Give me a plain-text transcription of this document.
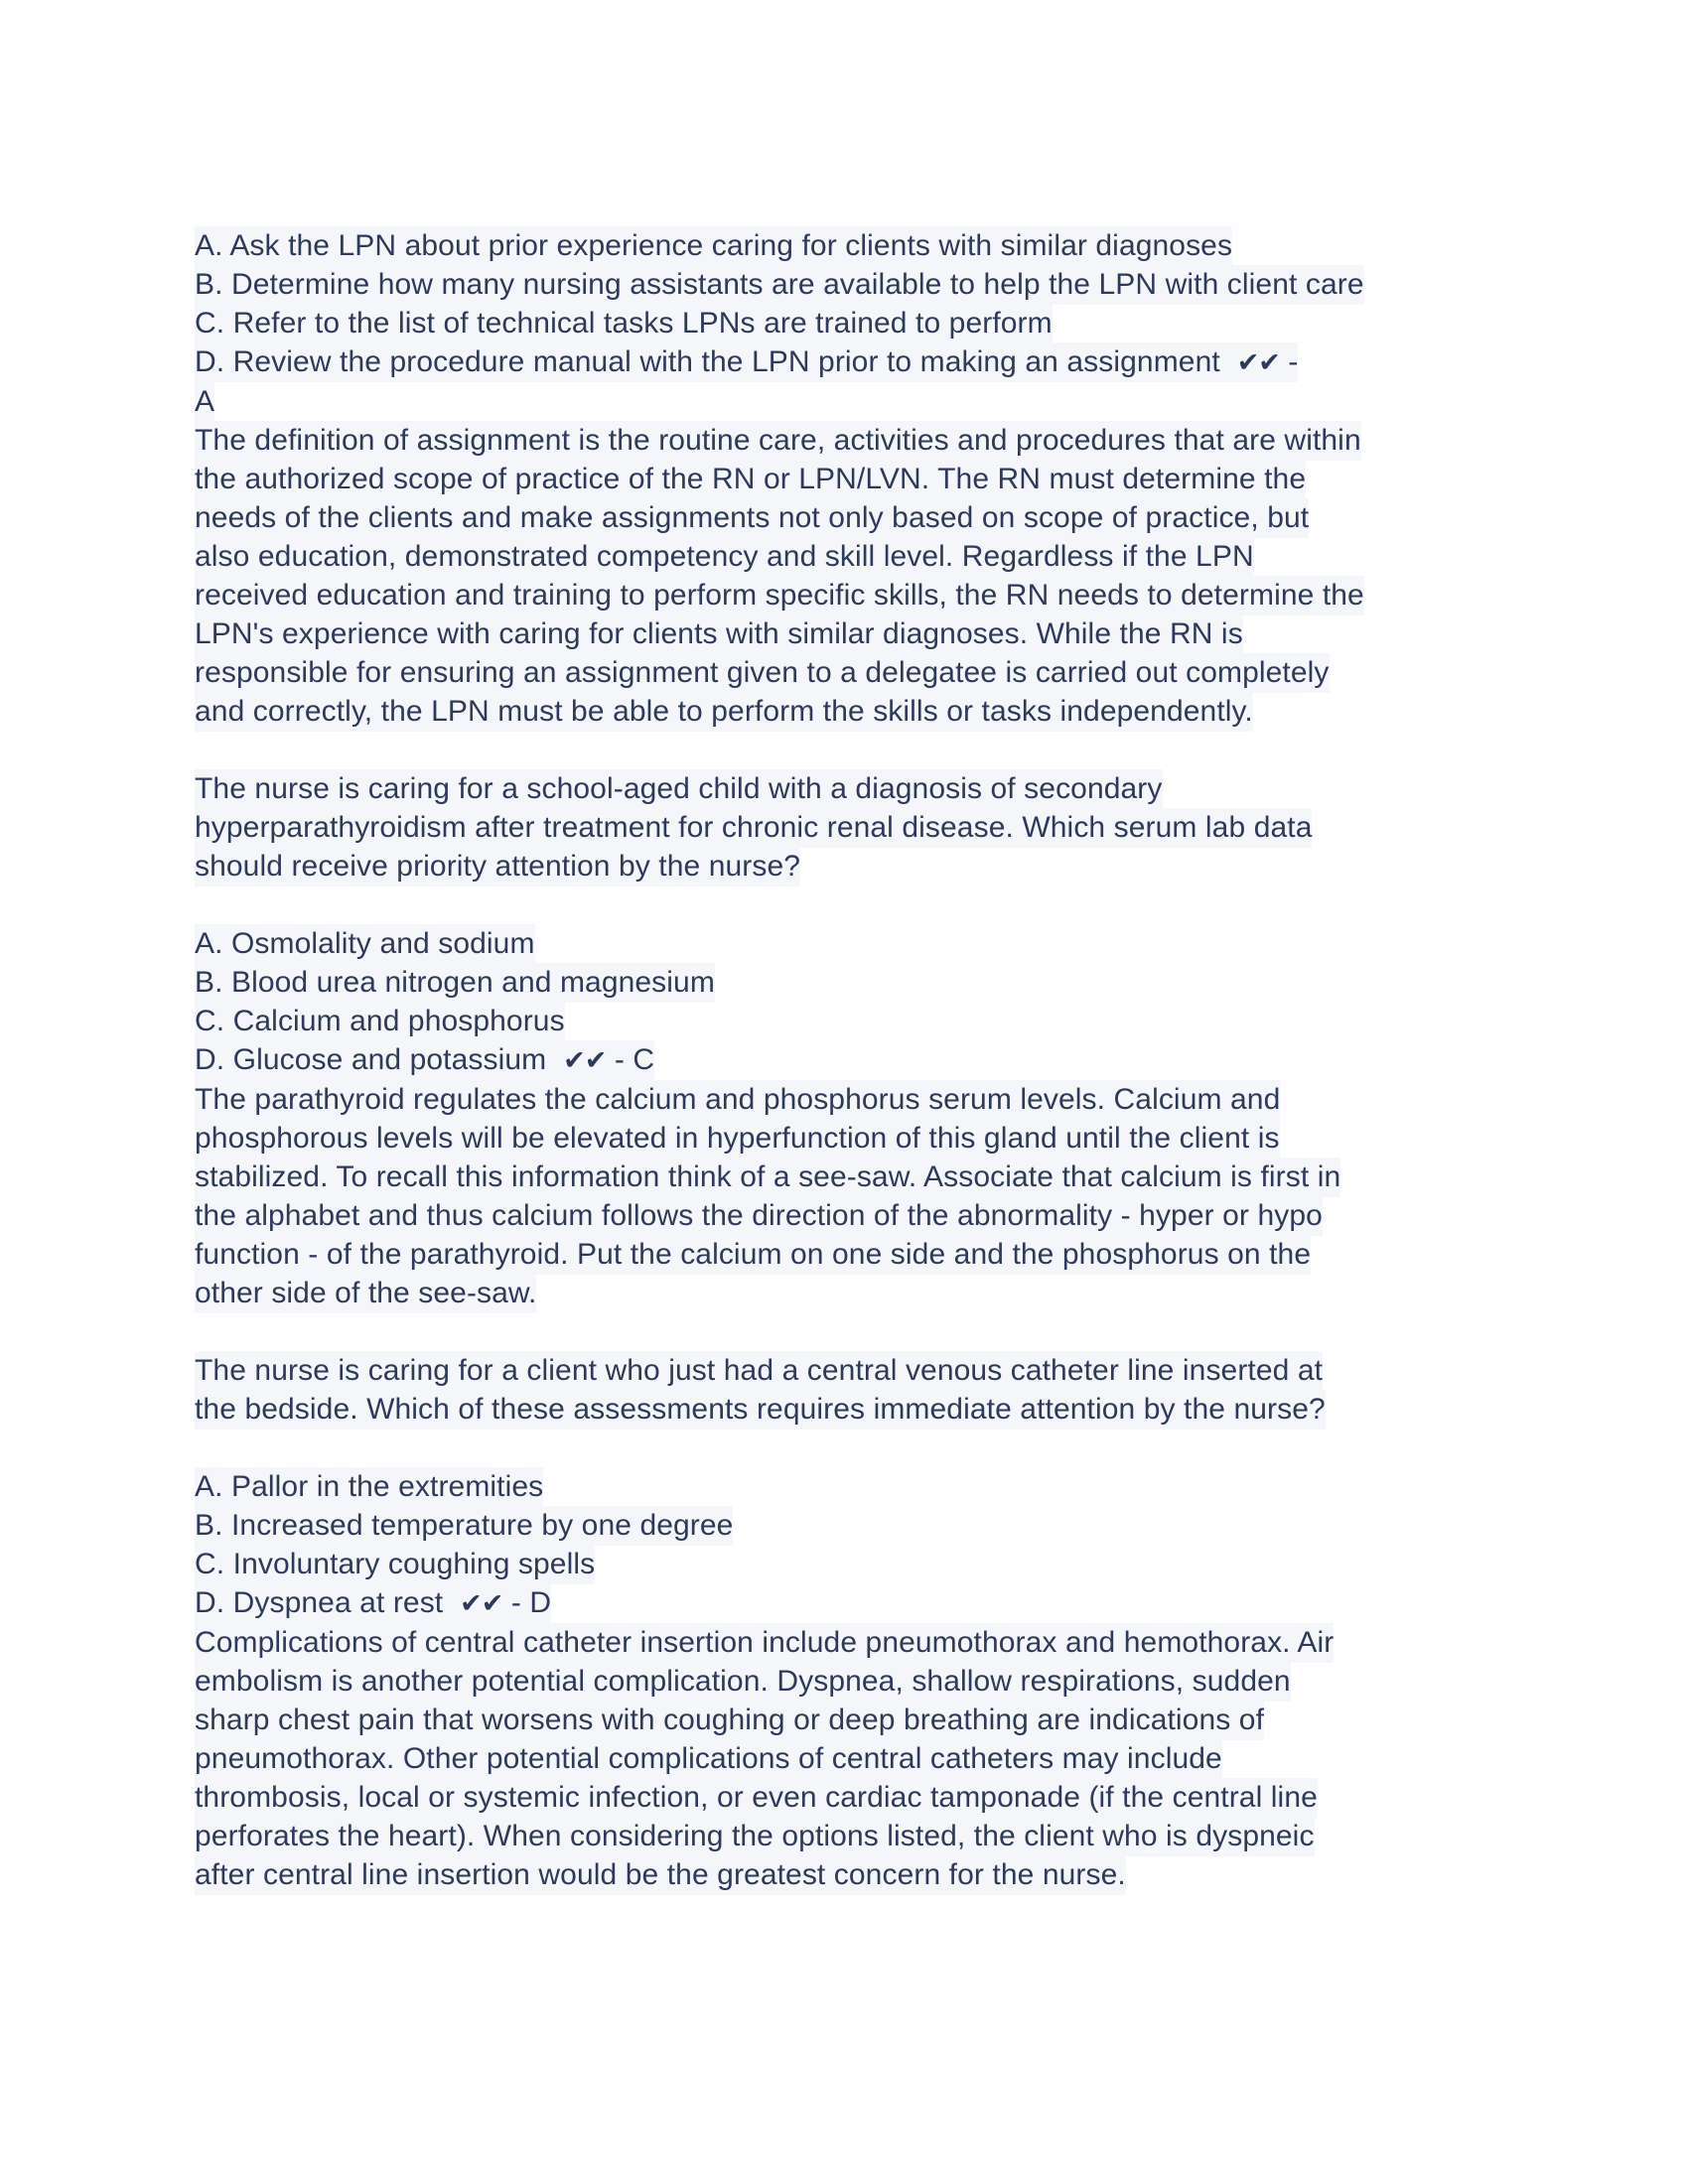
A. Ask the LPN about prior experience caring for clients with similar diagnoses
B. Determine how many nursing assistants are available to help the LPN with client care
C. Refer to the list of technical tasks LPNs are trained to perform
D. Review the procedure manual with the LPN prior to making an assignment ✔✔ -
A
The definition of assignment is the routine care, activities and procedures that are within
the authorized scope of practice of the RN or LPN/LVN. The RN must determine the
needs of the clients and make assignments not only based on scope of practice, but
also education, demonstrated competency and skill level. Regardless if the LPN
received education and training to perform specific skills, the RN needs to determine the
LPN's experience with caring for clients with similar diagnoses. While the RN is
responsible for ensuring an assignment given to a delegatee is carried out completely
and correctly, the LPN must be able to perform the skills or tasks independently.
The nurse is caring for a school-aged child with a diagnosis of secondary
hyperparathyroidism after treatment for chronic renal disease. Which serum lab data
should receive priority attention by the nurse?
A. Osmolality and sodium
B. Blood urea nitrogen and magnesium
C. Calcium and phosphorus
D. Glucose and potassium ✔✔ - C
The parathyroid regulates the calcium and phosphorus serum levels. Calcium and
phosphorous levels will be elevated in hyperfunction of this gland until the client is
stabilized. To recall this information think of a see-saw. Associate that calcium is first in
the alphabet and thus calcium follows the direction of the abnormality - hyper or hypo
function - of the parathyroid. Put the calcium on one side and the phosphorus on the
other side of the see-saw.
The nurse is caring for a client who just had a central venous catheter line inserted at
the bedside. Which of these assessments requires immediate attention by the nurse?
A. Pallor in the extremities
B. Increased temperature by one degree
C. Involuntary coughing spells
D. Dyspnea at rest ✔✔ - D
Complications of central catheter insertion include pneumothorax and hemothorax. Air
embolism is another potential complication. Dyspnea, shallow respirations, sudden
sharp chest pain that worsens with coughing or deep breathing are indications of
pneumothorax. Other potential complications of central catheters may include
thrombosis, local or systemic infection, or even cardiac tamponade (if the central line
perforates the heart). When considering the options listed, the client who is dyspneic
after central line insertion would be the greatest concern for the nurse.
